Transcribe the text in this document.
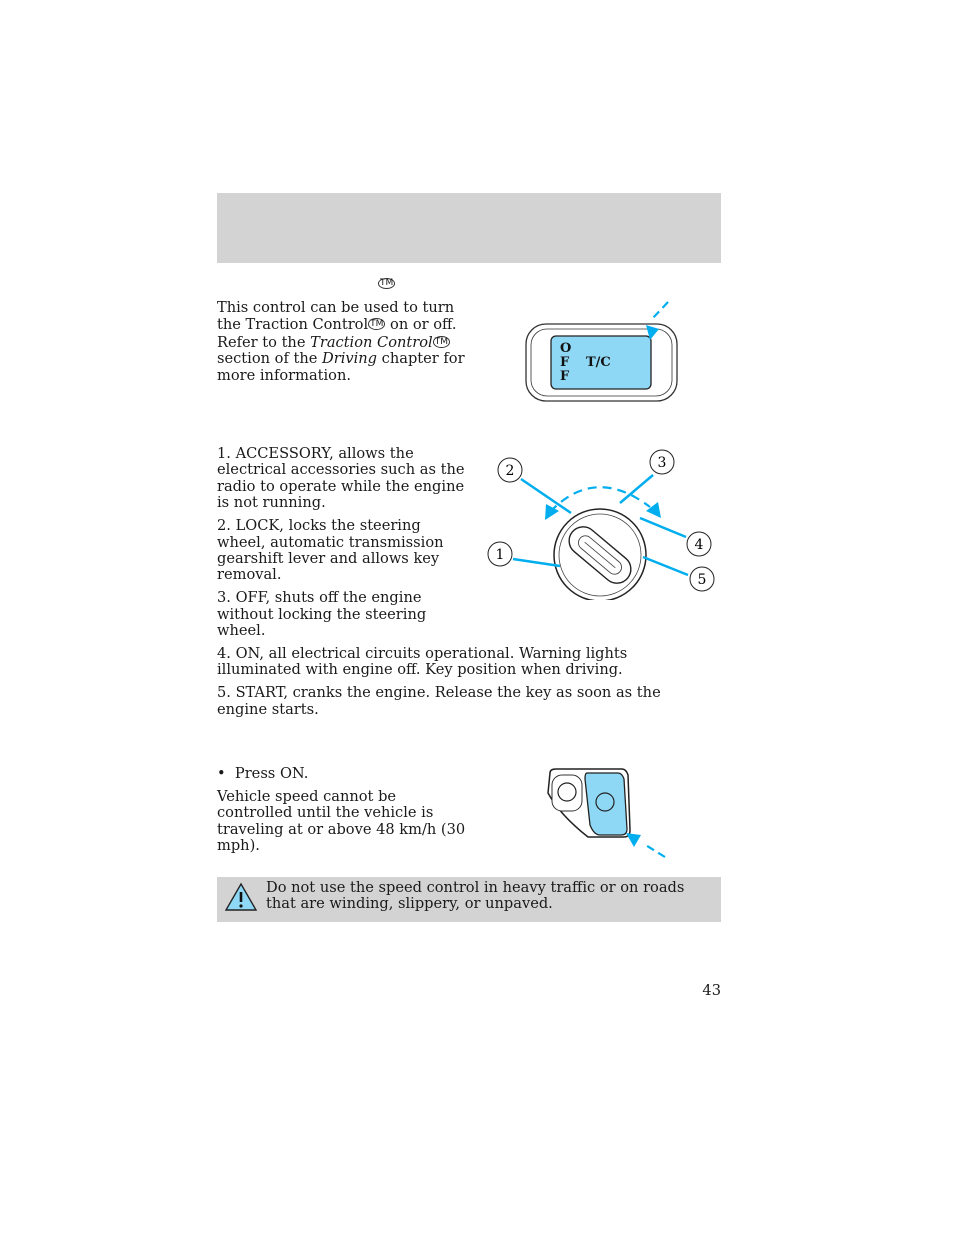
TM

This control can be used to turn the Traction Control ™ on or off. Refer to the Traction Control ™ section of the Driving chapter for more information.

O
F
F
T/C

1. ACCESSORY, allows the electrical accessories such as the radio to operate while the engine is not running.

2. LOCK, locks the steering wheel, automatic transmission gearshift lever and allows key removal.

3. OFF, shuts off the engine without locking the steering wheel.

4. ON, all electrical circuits operational. Warning lights illuminated with engine off. Key position when driving.

5. START, cranks the engine. Release the key as soon as the engine starts.

2	3
4
5
1

• Press ON.

Vehicle speed cannot be controlled until the vehicle is traveling at or above 48 km/h (30 mph).

Do not use the speed control in heavy traffic or on roads that are winding, slippery, or unpaved.
43
